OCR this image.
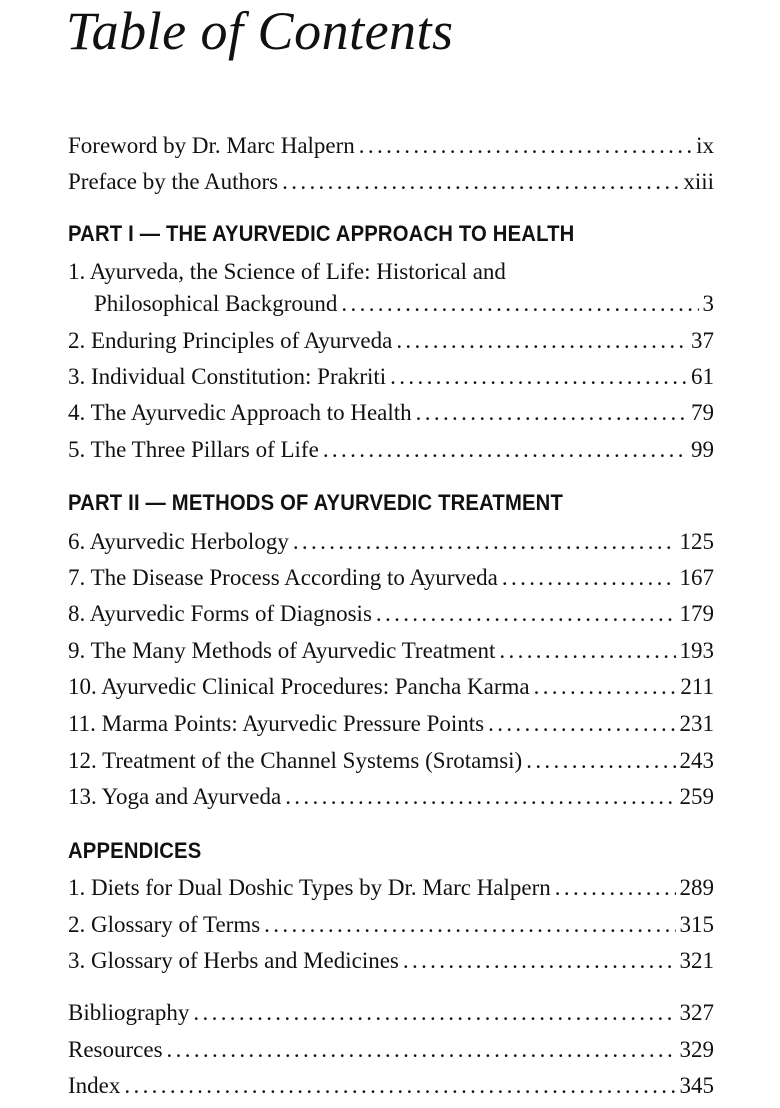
Table of Contents
Foreword by Dr. Marc Halpern . . .	ix
Preface by the Authors . . .	xiii
PART I — THE AYURVEDIC APPROACH TO HEALTH
1. Ayurveda, the Science of Life: Historical and
Philosophical Background . . .	3
2. Enduring Principles of Ayurveda . . .	37
3. Individual Constitution: Prakriti . . .	61
4. The Ayurvedic Approach to Health . . .	79
5. The Three Pillars of Life . . .	99
PART II — METHODS OF AYURVEDIC TREATMENT
6. Ayurvedic Herbology . . .	125
7. The Disease Process According to Ayurveda . . .	167
8. Ayurvedic Forms of Diagnosis . . .	179
9. The Many Methods of Ayurvedic Treatment . . .	193
10. Ayurvedic Clinical Procedures: Pancha Karma . . .	211
11. Marma Points: Ayurvedic Pressure Points . . .	231
12. Treatment of the Channel Systems (Srotamsi) . . .	243
13. Yoga and Ayurveda . . .	259
APPENDICES
1. Diets for Dual Doshic Types by Dr. Marc Halpern . . .	289
2. Glossary of Terms . . .	315
3. Glossary of Herbs and Medicines . . .	321
Bibliography . . .	327
Resources . . .	329
Index . . .	345
